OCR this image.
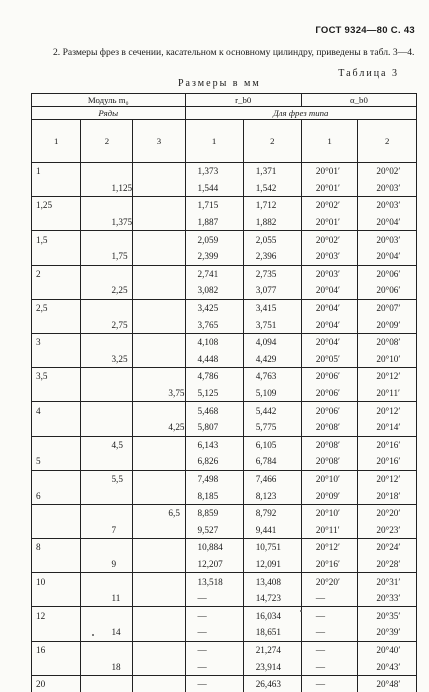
ГОСТ 9324—80 С. 43
2. Размеры фрез в сечении, касательном к основному цилиндру, приведены в табл. 3—4.
Таблица 3
Размеры в мм
Модуль m₀			r_b0		α_b0	
Ряды			Для фрез типа			
1	2	3	1	2	1	2
1			1,373	1,371	20°01′	20°02′
	1,125		1,544	1,542	20°01′	20°03′
1,25			1,715	1,712	20°02′	20°03′
	1,375		1,887	1,882	20°01′	20°04′
1,5			2,059	2,055	20°02′	20°03′
	1,75		2,399	2,396	20°03′	20°04′
2			2,741	2,735	20°03′	20°06′
	2,25		3,082	3,077	20°04′	20°06′
2,5			3,425	3,415	20°04′	20°07′
	2,75		3,765	3,751	20°04′	20°09′
3			4,108	4,094	20°04′	20°08′
	3,25		4,448	4,429	20°05′	20°10′
3,5			4,786	4,763	20°06′	20°12′
		3,75	5,125	5,109	20°06′	20°11′
4			5,468	5,442	20°06′	20°12′
		4,25	5,807	5,775	20°08′	20°14′
	4,5		6,143	6,105	20°08′	20°16′
5			6,826	6,784	20°08′	20°16′
	5,5		7,498	7,466	20°10′	20°12′
6			8,185	8,123	20°09′	20°18′
		6,5	8,859	8,792	20°10′	20°20′
	7		9,527	9,441	20°11′	20°23′
8			10,884	10,751	20°12′	20°24′
	9		12,207	12,091	20°16′	20°28′
10			13,518	13,408	20°20′	20°31′
	11		—	14,723	—	20°33′
12			—	16,034	—	20°35′
	14		—	18,651	—	20°39′
16			—	21,274	—	20°40′
	18		—	23,914	—	20°43′
20			—	26,463	—	20°48′
